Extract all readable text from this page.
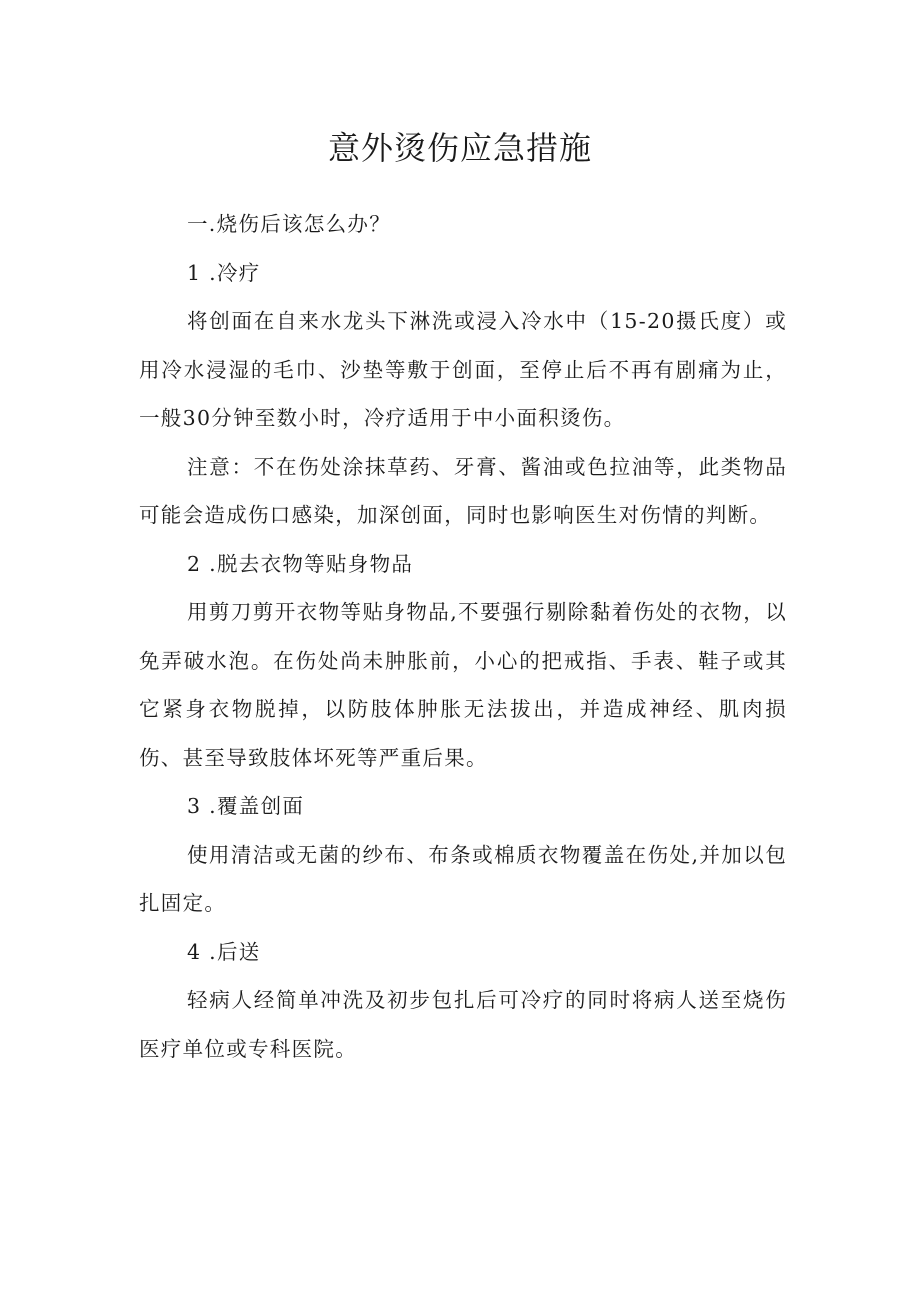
意外烫伤应急措施

一.烧伤后该怎么办？

1 .冷疗

将创面在自来水龙头下淋洗或浸入冷水中（15-20摄氏度）或用冷水浸湿的毛巾、沙垫等敷于创面，至停止后不再有剧痛为止，一般30分钟至数小时，冷疗适用于中小面积烫伤。

注意：不在伤处涂抹草药、牙膏、酱油或色拉油等，此类物品可能会造成伤口感染，加深创面，同时也影响医生对伤情的判断。

2 .脱去衣物等贴身物品

用剪刀剪开衣物等贴身物品,不要强行剔除黏着伤处的衣物，以免弄破水泡。在伤处尚未肿胀前，小心的把戒指、手表、鞋子或其它紧身衣物脱掉，以防肢体肿胀无法拔出，并造成神经、肌肉损伤、甚至导致肢体坏死等严重后果。

3 .覆盖创面

使用清洁或无菌的纱布、布条或棉质衣物覆盖在伤处,并加以包扎固定。

4 .后送

轻病人经简单冲洗及初步包扎后可冷疗的同时将病人送至烧伤医疗单位或专科医院。
